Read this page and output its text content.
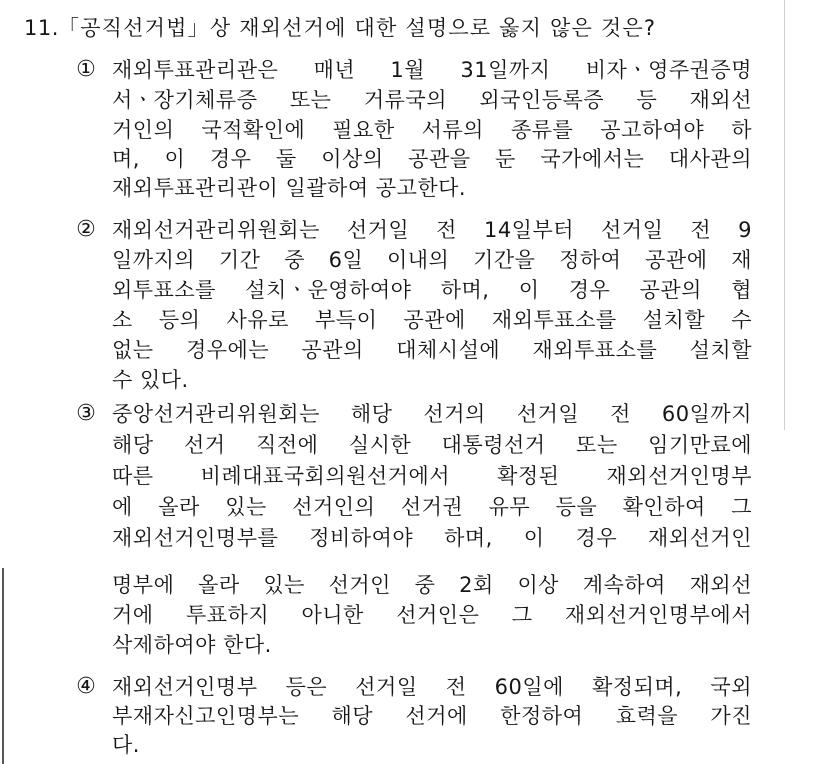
11. 「공직선거법」상 재외선거에 대한 설명으로 옳지 않은 것은?
① 재외투표관리관은 매년 1월 31일까지 비자ㆍ영주권증명
서ㆍ장기체류증 또는 거류국의 외국인등록증 등 재외선
거인의 국적확인에 필요한 서류의 종류를 공고하여야 하
며, 이 경우 둘 이상의 공관을 둔 국가에서는 대사관의
재외투표관리관이 일괄하여 공고한다.
② 재외선거관리위원회는 선거일 전 14일부터 선거일 전 9
일까지의 기간 중 6일 이내의 기간을 정하여 공관에 재
외투표소를 설치ㆍ운영하여야 하며, 이 경우 공관의 협
소 등의 사유로 부득이 공관에 재외투표소를 설치할 수
없는 경우에는 공관의 대체시설에 재외투표소를 설치할
수 있다.
③ 중앙선거관리위원회는 해당 선거의 선거일 전 60일까지
해당 선거 직전에 실시한 대통령선거 또는 임기만료에
따른 비례대표국회의원선거에서 확정된 재외선거인명부
에 올라 있는 선거인의 선거권 유무 등을 확인하여 그
재외선거인명부를 정비하여야 하며, 이 경우 재외선거인
명부에 올라 있는 선거인 중 2회 이상 계속하여 재외선
거에 투표하지 아니한 선거인은 그 재외선거인명부에서
삭제하여야 한다.
④ 재외선거인명부 등은 선거일 전 60일에 확정되며, 국외
부재자신고인명부는 해당 선거에 한정하여 효력을 가진
다.
